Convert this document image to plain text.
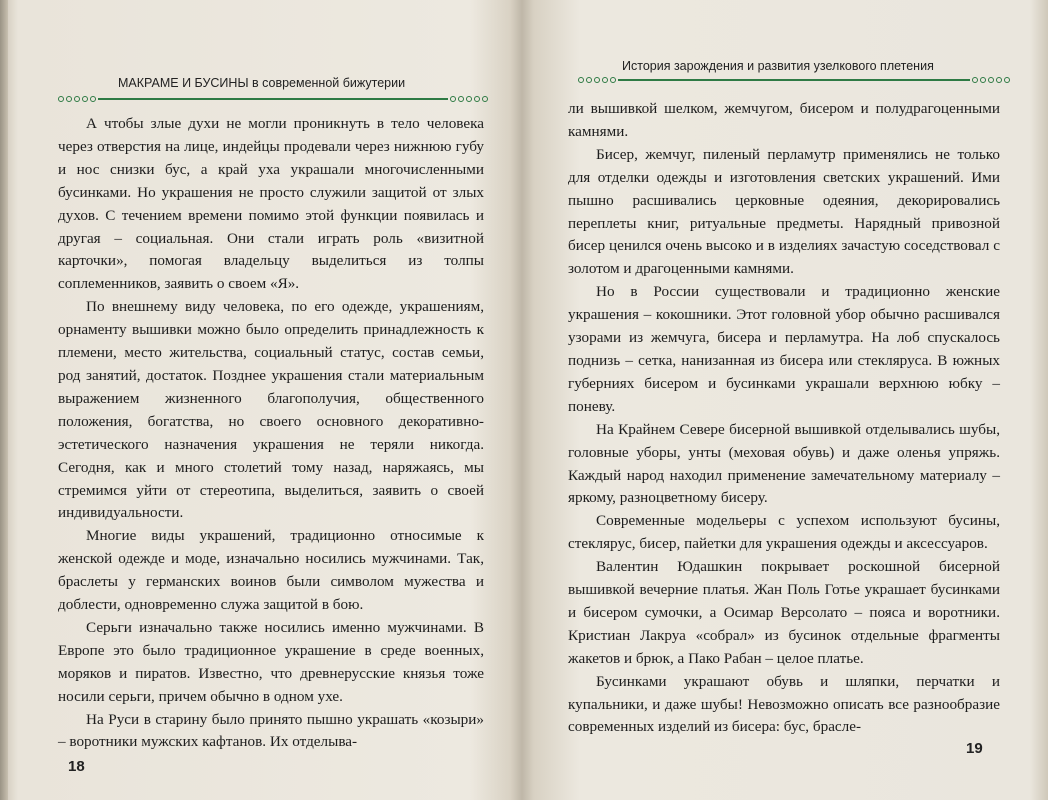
МАКРАМЕ И БУСИНЫ в современной бижутерии

А чтобы злые духи не могли проникнуть в тело человека через отверстия на лице, индейцы продевали через нижнюю губу и нос снизки бус, а край уха украшали многочисленными бусинками. Но украшения не просто служили защитой от злых духов. С течением времени помимо этой функции появилась и другая – социальная. Они стали играть роль «визитной карточки», помогая владельцу выделиться из толпы соплеменников, заявить о своем «Я».

По внешнему виду человека, по его одежде, украшениям, орнаменту вышивки можно было определить принадлежность к племени, место жительства, социальный статус, состав семьи, род занятий, достаток. Позднее украшения стали материальным выражением жизненного благополучия, общественного положения, богатства, но своего основного декоративно-эстетического назначения украшения не теряли никогда. Сегодня, как и много столетий тому назад, наряжаясь, мы стремимся уйти от стереотипа, выделиться, заявить о своей индивидуальности.

Многие виды украшений, традиционно относимые к женской одежде и моде, изначально носились мужчинами. Так, браслеты у германских воинов были символом мужества и доблести, одновременно служа защитой в бою.

Серьги изначально также носились именно мужчинами. В Европе это было традиционное украшение в среде военных, моряков и пиратов. Известно, что древнерусские князья тоже носили серьги, причем обычно в одном ухе.

На Руси в старину было принято пышно украшать «козыри» – воротники мужских кафтанов. Их отделыва-

18
История зарождения и развития узелкового плетения

ли вышивкой шелком, жемчугом, бисером и полудрагоценными камнями.

Бисер, жемчуг, пиленый перламутр применялись не только для отделки одежды и изготовления светских украшений. Ими пышно расшивались церковные одеяния, декорировались переплеты книг, ритуальные предметы. Нарядный привозной бисер ценился очень высоко и в изделиях зачастую соседствовал с золотом и драгоценными камнями.

Но в России существовали и традиционно женские украшения – кокошники. Этот головной убор обычно расшивался узорами из жемчуга, бисера и перламутра. На лоб спускалось поднизь – сетка, нанизанная из бисера или стекляруса. В южных губерниях бисером и бусинками украшали верхнюю юбку – поневу.

На Крайнем Севере бисерной вышивкой отделывались шубы, головные уборы, унты (меховая обувь) и даже оленья упряжь. Каждый народ находил применение замечательному материалу – яркому, разноцветному бисеру.

Современные модельеры с успехом используют бусины, стеклярус, бисер, пайетки для украшения одежды и аксессуаров.

Валентин Юдашкин покрывает роскошной бисерной вышивкой вечерние платья. Жан Поль Готье украшает бусинками и бисером сумочки, а Осимар Версолато – пояса и воротники. Кристиан Лакруа «собрал» из бусинок отдельные фрагменты жакетов и брюк, а Пако Рабан – целое платье.

Бусинками украшают обувь и шляпки, перчатки и купальники, и даже шубы! Невозможно описать все разнообразие современных изделий из бисера: бус, брасле-

19
